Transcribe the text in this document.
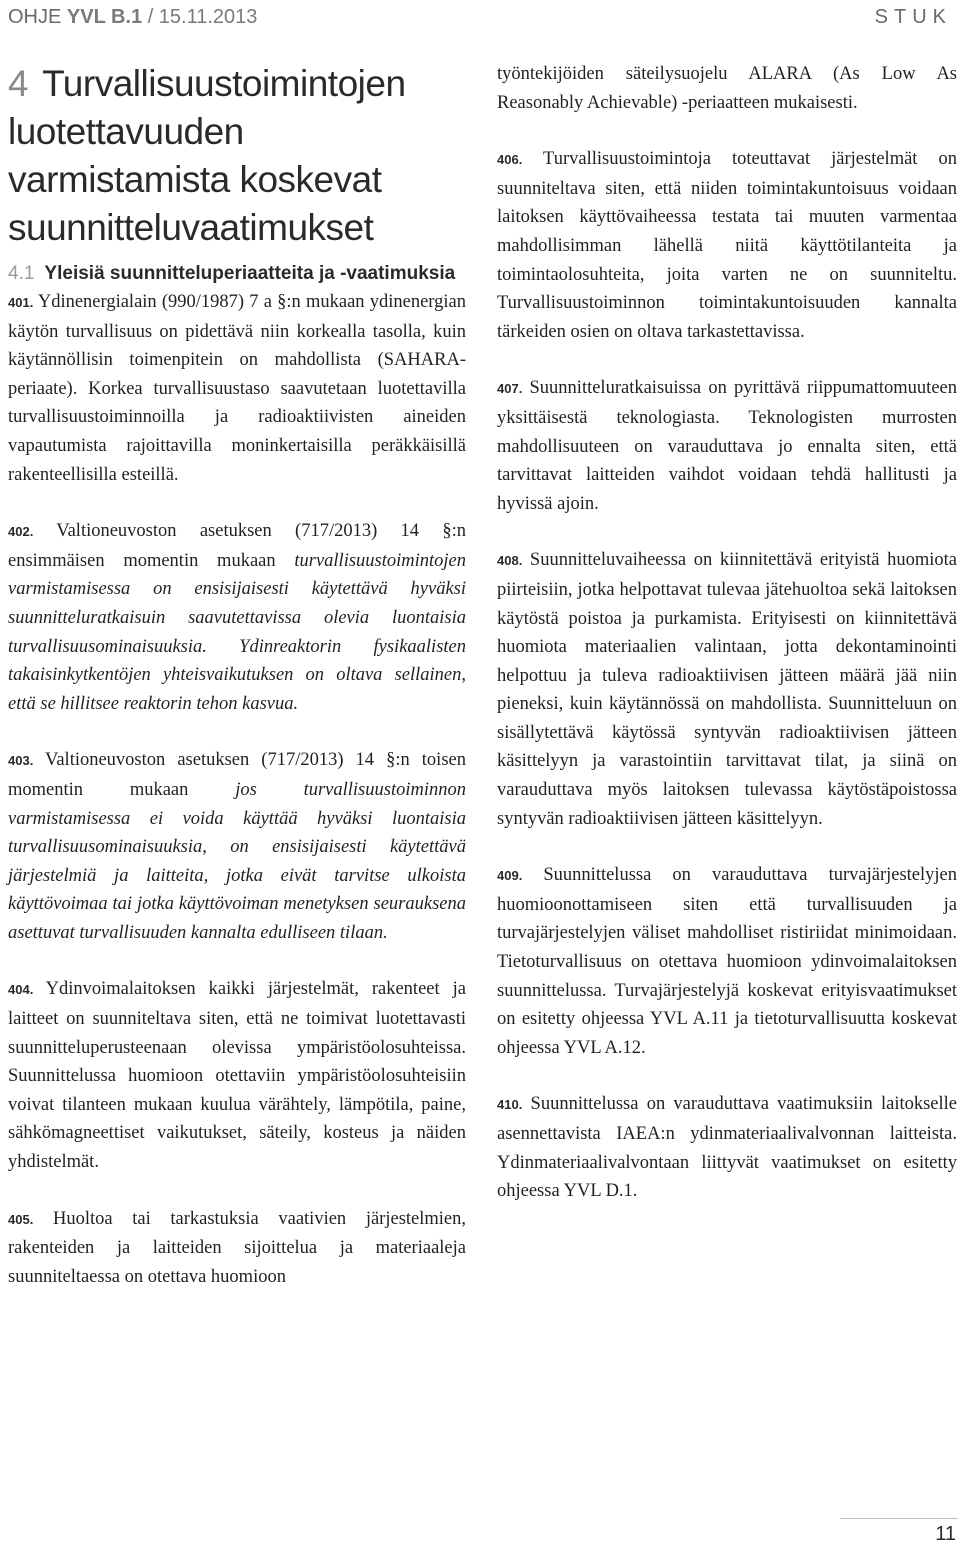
OHJE YVL B.1 / 15.11.2013	STUK
4 Turvallisuustoimintojen luotettavuuden varmistamista koskevat suunnitteluvaatimukset
4.1 Yleisiä suunnitteluperiaatteita ja -vaatimuksia

401. Ydinenergialain (990/1987) 7 a §:n mukaan ydinenergian käytön turvallisuus on pidettävä niin korkealla tasolla, kuin käytännöllisin toimenpitein on mahdollista (SAHARA-periaate). Korkea turvallisuustaso saavutetaan luotettavilla turvallisuustoiminnoilla ja radioaktiivisten aineiden vapautumista rajoittavilla moninkertaisilla peräkkäisillä rakenteellisilla esteillä.

402. Valtioneuvoston asetuksen (717/2013) 14 §:n ensimmäisen momentin mukaan turvallisuustoimintojen varmistamisessa on ensisijaisesti käytettävä hyväksi suunnitteluratkaisuin saavutettavissa olevia luontaisia turvallisuusominaisuuksia. Ydinreaktorin fysikaalisten takaisinkytkentöjen yhteisvaikutuksen on oltava sellainen, että se hillitsee reaktorin tehon kasvua.

403. Valtioneuvoston asetuksen (717/2013) 14 §:n toisen momentin mukaan jos turvallisuustoiminnon varmistamisessa ei voida käyttää hyväksi luontaisia turvallisuusominaisuuksia, on ensisijaisesti käytettävä järjestelmiä ja laitteita, jotka eivät tarvitse ulkoista käyttövoimaa tai jotka käyttövoiman menetyksen seurauksena asettuvat turvallisuuden kannalta edulliseen tilaan.

404. Ydinvoimalaitoksen kaikki järjestelmät, rakenteet ja laitteet on suunniteltava siten, että ne toimivat luotettavasti suunnitteluperusteenaan olevissa ympäristöolosuhteissa. Suunnittelussa huomioon otettaviin ympäristöolosuhteisiin voivat tilanteen mukaan kuulua värähtely, lämpötila, paine, sähkömagneettiset vaikutukset, säteily, kosteus ja näiden yhdistelmät.

405. Huoltoa tai tarkastuksia vaativien järjestelmien, rakenteiden ja laitteiden sijoittelua ja materiaaleja suunniteltaessa on otettava huomioon

työntekijöiden säteilysuojelu ALARA (As Low As Reasonably Achievable) -periaatteen mukaisesti.

406. Turvallisuustoimintoja toteuttavat järjestelmät on suunniteltava siten, että niiden toimintakuntoisuus voidaan laitoksen käyttövaiheessa testata tai muuten varmentaa mahdollisimman lähellä niitä käyttötilanteita ja toimintaolosuhteita, joita varten ne on suunniteltu. Turvallisuustoiminnon toimintakuntoisuuden kannalta tärkeiden osien on oltava tarkastettavissa.

407. Suunnitteluratkaisuissa on pyrittävä riippumattomuuteen yksittäisestä teknologiasta. Teknologisten murrosten mahdollisuuteen on varauduttava jo ennalta siten, että tarvittavat laitteiden vaihdot voidaan tehdä hallitusti ja hyvissä ajoin.

408. Suunnitteluvaiheessa on kiinnitettävä erityistä huomiota piirteisiin, jotka helpottavat tulevaa jätehuoltoa sekä laitoksen käytöstä poistoa ja purkamista. Erityisesti on kiinnitettävä huomiota materiaalien valintaan, jotta dekontaminointi helpottuu ja tuleva radioaktiivisen jätteen määrä jää niin pieneksi, kuin käytännössä on mahdollista. Suunnitteluun on sisällytettävä käytössä syntyvän radioaktiivisen jätteen käsittelyyn ja varastointiin tarvittavat tilat, ja siinä on varauduttava myös laitoksen tulevassa käytöstäpoistossa syntyvän radioaktiivisen jätteen käsittelyyn.

409. Suunnittelussa on varauduttava turvajärjestelyjen huomioonottamiseen siten että turvallisuuden ja turvajärjestelyjen väliset mahdolliset ristiriidat minimoidaan. Tietoturvallisuus on otettava huomioon ydinvoimalaitoksen suunnittelussa. Turvajärjestelyjä koskevat erityisvaatimukset on esitetty ohjeessa YVL A.11 ja tietoturvallisuutta koskevat ohjeessa YVL A.12.

410. Suunnittelussa on varauduttava vaatimuksiin laitokselle asennettavista IAEA:n ydinmateriaalivalvonnan laitteista. Ydinmateriaalivalvontaan liittyvät vaatimukset on esitetty ohjeessa YVL D.1.

11
